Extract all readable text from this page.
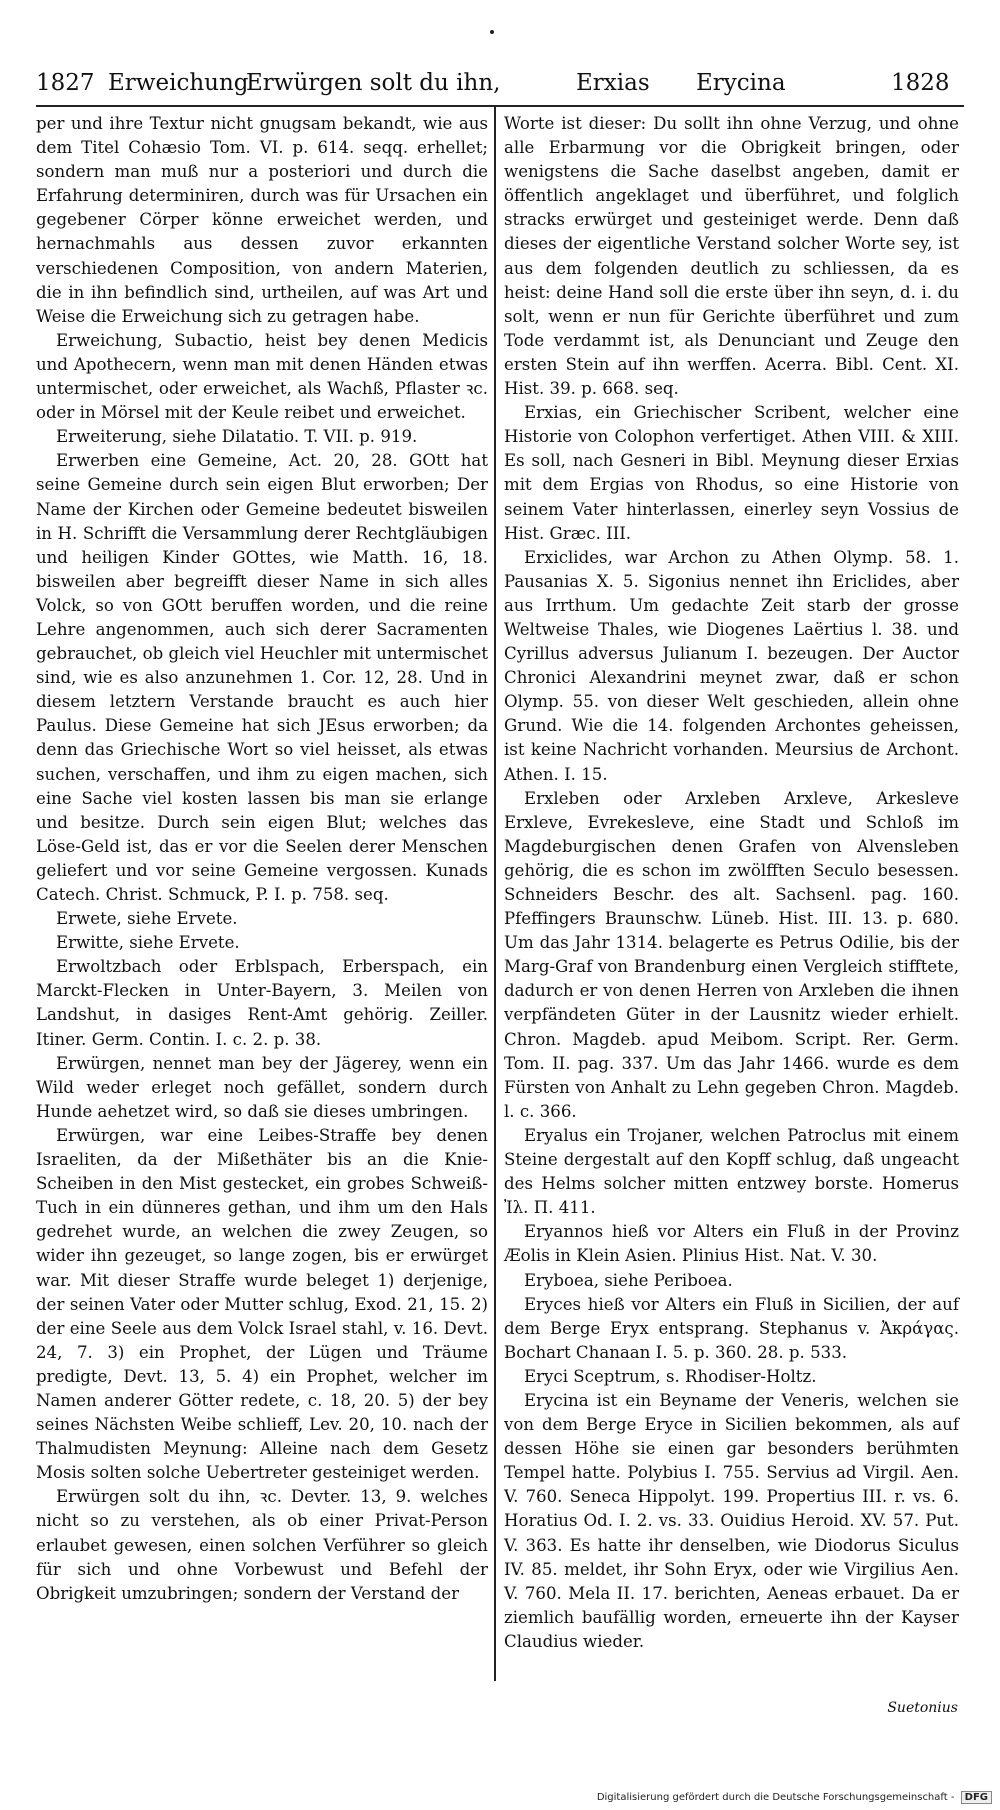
1827 Erweichung
Erwürgen solt du ihn,	Erxias Erycina	1828

per und ihre Textur nicht gnugsam bekandt, wie aus dem Titel Cohæsio Tom. VI. p. 614. seqq. erhellet; sondern man muß nur a posteriori und durch die Erfahrung determiniren, durch was für Ursachen ein gegebener Cörper könne erweichet werden, und hernachmahls aus dessen zuvor erkannten verschiedenen Composition, von andern Materien, die in ihn befindlich sind, urtheilen, auf was Art und Weise die Erweichung sich zu getragen habe.

Erweichung, Subactio, heist bey denen Medicis und Apothecern, wenn man mit denen Händen etwas untermischet, oder erweichet, als Wachß, Pflaster ꝛc. oder in Mörsel mit der Keule reibet und erweichet.

Erweiterung, siehe Dilatatio. T. VII. p. 919.

Erwerben eine Gemeine, Act. 20, 28. GOtt hat seine Gemeine durch sein eigen Blut erworben; Der Name der Kirchen oder Gemeine bedeutet bisweilen in H. Schrifft die Versammlung derer Rechtgläubigen und heiligen Kinder GOttes, wie Matth. 16, 18. bisweilen aber begreifft dieser Name in sich alles Volck, so von GOtt beruffen worden, und die reine Lehre angenommen, auch sich derer Sacramenten gebrauchet, ob gleich viel Heuchler mit untermischet sind, wie es also anzunehmen 1. Cor. 12, 28. Und in diesem letztern Verstande braucht es auch hier Paulus. Diese Gemeine hat sich JEsus erworben; da denn das Griechische Wort so viel heisset, als etwas suchen, verschaffen, und ihm zu eigen machen, sich eine Sache viel kosten lassen bis man sie erlange und besitze. Durch sein eigen Blut; welches das Löse-Geld ist, das er vor die Seelen derer Menschen geliefert und vor seine Gemeine vergossen. Kunads Catech. Christ. Schmuck, P. I. p. 758. seq.

Erwete, siehe Ervete.

Erwitte, siehe Ervete.

Erwoltzbach oder Erblspach, Erberspach, ein Marckt-Flecken in Unter-Bayern, 3. Meilen von Landshut, in dasiges Rent-Amt gehörig. Zeiller. Itiner. Germ. Contin. I. c. 2. p. 38.

Erwürgen, nennet man bey der Jägerey, wenn ein Wild weder erleget noch gefället, sondern durch Hunde aehetzet wird, so daß sie dieses umbringen.

Erwürgen, war eine Leibes-Straffe bey denen Israeliten, da der Mißethäter bis an die Knie-Scheiben in den Mist gestecket, ein grobes Schweiß-Tuch in ein dünneres gethan, und ihm um den Hals gedrehet wurde, an welchen die zwey Zeugen, so wider ihn gezeuget, so lange zogen, bis er erwürget war. Mit dieser Straffe wurde beleget 1) derjenige, der seinen Vater oder Mutter schlug, Exod. 21, 15. 2) der eine Seele aus dem Volck Israel stahl, v. 16. Devt. 24, 7. 3) ein Prophet, der Lügen und Träume predigte, Devt. 13, 5. 4) ein Prophet, welcher im Namen anderer Götter redete, c. 18, 20. 5) der bey seines Nächsten Weibe schlieff, Lev. 20, 10. nach der Thalmudisten Meynung: Alleine nach dem Gesetz Mosis solten solche Uebertreter gesteiniget werden.

Erwürgen solt du ihn, ꝛc. Devter. 13, 9. welches nicht so zu verstehen, als ob einer Privat-Person erlaubet gewesen, einen solchen Verführer so gleich für sich und ohne Vorbewust und Befehl der Obrigkeit umzubringen; sondern der Verstand der

Worte ist dieser: Du sollt ihn ohne Verzug, und ohne alle Erbarmung vor die Obrigkeit bringen, oder wenigstens die Sache daselbst angeben, damit er öffentlich angeklaget und überführet, und folglich stracks erwürget und gesteiniget werde. Denn daß dieses der eigentliche Verstand solcher Worte sey, ist aus dem folgenden deutlich zu schliessen, da es heist: deine Hand soll die erste über ihn seyn, d. i. du solt, wenn er nun für Gerichte überführet und zum Tode verdammt ist, als Denunciant und Zeuge den ersten Stein auf ihn werffen. Acerra. Bibl. Cent. XI. Hist. 39. p. 668. seq.

Erxias, ein Griechischer Scribent, welcher eine Historie von Colophon verfertiget. Athen VIII. & XIII. Es soll, nach Gesneri in Bibl. Meynung dieser Erxias mit dem Ergias von Rhodus, so eine Historie von seinem Vater hinterlassen, einerley seyn Vossius de Hist. Græc. III.

Erxiclides, war Archon zu Athen Olymp. 58. 1. Pausanias X. 5. Sigonius nennet ihn Ericlides, aber aus Irrthum. Um gedachte Zeit starb der grosse Weltweise Thales, wie Diogenes Laërtius l. 38. und Cyrillus adversus Julianum I. bezeugen. Der Auctor Chronici Alexandrini meynet zwar, daß er schon Olymp. 55. von dieser Welt geschieden, allein ohne Grund. Wie die 14. folgenden Archontes geheissen, ist keine Nachricht vorhanden. Meursius de Archont. Athen. I. 15.

Erxleben oder Arxleben Arxleve, Arkesleve Erxleve, Evrekesleve, eine Stadt und Schloß im Magdeburgischen denen Grafen von Alvensleben gehörig, die es schon im zwölfften Seculo besessen. Schneiders Beschr. des alt. Sachsenl. pag. 160. Pfeffingers Braunschw. Lüneb. Hist. III. 13. p. 680. Um das Jahr 1314. belagerte es Petrus Odilie, bis der Marg-Graf von Brandenburg einen Vergleich stifftete, dadurch er von denen Herren von Arxleben die ihnen verpfändeten Güter in der Lausnitz wieder erhielt. Chron. Magdeb. apud Meibom. Script. Rer. Germ. Tom. II. pag. 337. Um das Jahr 1466. wurde es dem Fürsten von Anhalt zu Lehn gegeben Chron. Magdeb. l. c. 366.

Eryalus ein Trojaner, welchen Patroclus mit einem Steine dergestalt auf den Kopff schlug, daß ungeacht des Helms solcher mitten entzwey borste. Homerus Ἰλ. Π. 411.

Eryannos hieß vor Alters ein Fluß in der Provinz Æolis in Klein Asien. Plinius Hist. Nat. V. 30.

Eryboea, siehe Periboea.

Eryces hieß vor Alters ein Fluß in Sicilien, der auf dem Berge Eryx entsprang. Stephanus v. Ἀκράγας. Bochart Chanaan I. 5. p. 360. 28. p. 533.

Eryci Sceptrum, s. Rhodiser-Holtz.

Erycina ist ein Beyname der Veneris, welchen sie von dem Berge Eryce in Sicilien bekommen, als auf dessen Höhe sie einen gar besonders berühmten Tempel hatte. Polybius I. 755. Servius ad Virgil. Aen. V. 760. Seneca Hippolyt. 199. Propertius III. r. vs. 6. Horatius Od. I. 2. vs. 33. Ouidius Heroid. XV. 57. Put. V. 363. Es hatte ihr denselben, wie Diodorus Siculus IV. 85. meldet, ihr Sohn Eryx, oder wie Virgilius Aen. V. 760. Mela II. 17. berichten, Aeneas erbauet. Da er ziemlich baufällig worden, erneuerte ihn der Kayser Claudius wieder.

Suetonius
Digitalisierung gefördert durch die Deutsche Forschungsgemeinschaft - DFG
